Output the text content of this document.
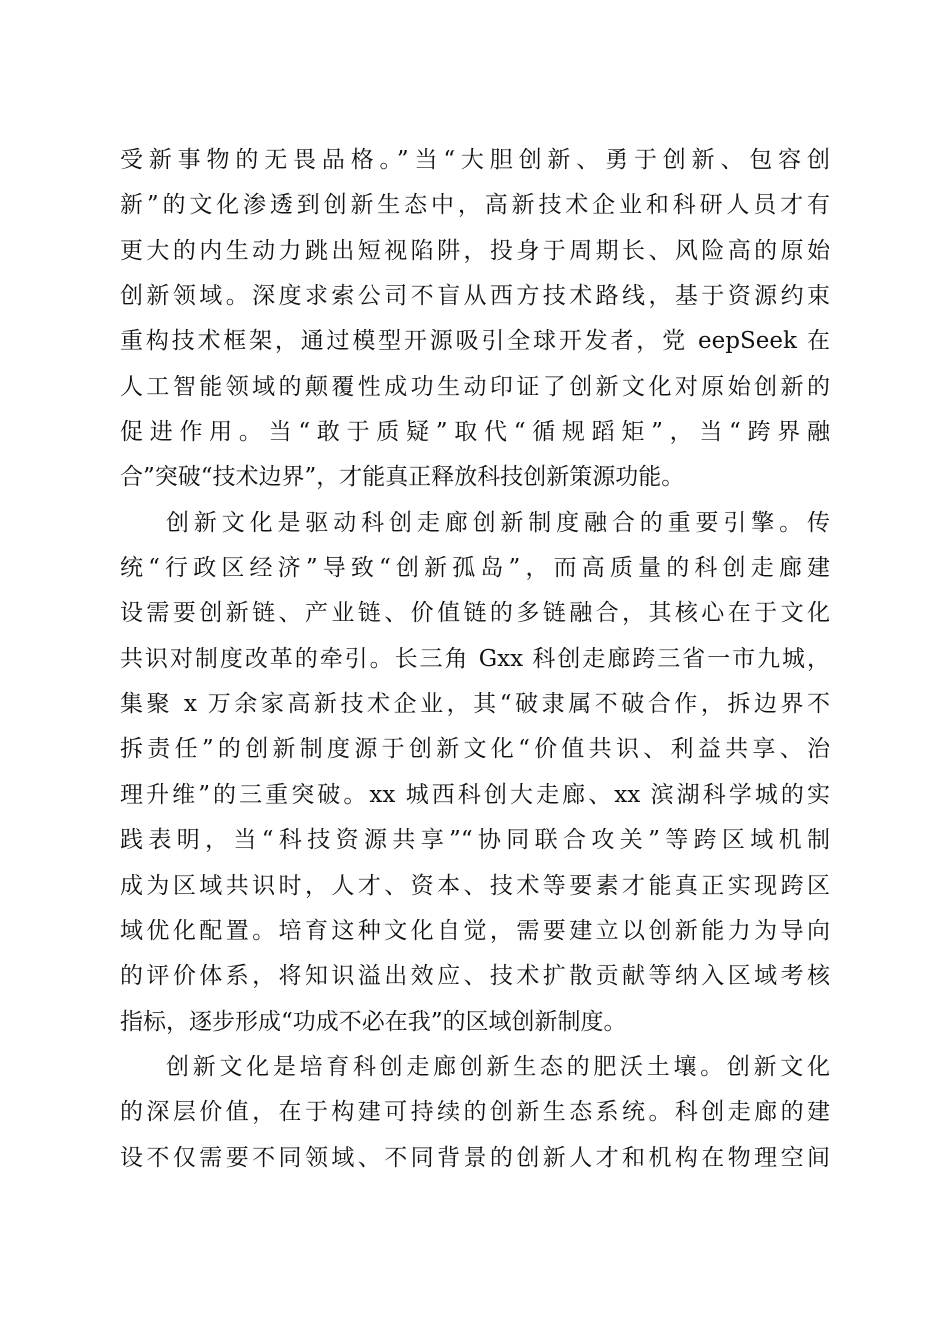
受新事物的无畏品格。”当“大胆创新、勇于创新、包容创
新”的文化渗透到创新生态中，高新技术企业和科研人员才有
更大的内生动力跳出短视陷阱，投身于周期长、风险高的原始
创新领域。深度求索公司不盲从西方技术路线，基于资源约束
重构技术框架，通过模型开源吸引全球开发者，党 eepSeek 在
人工智能领域的颠覆性成功生动印证了创新文化对原始创新的
促进作用。当“敢于质疑”取代“循规蹈矩”，当“跨界融
合”突破“技术边界”，才能真正释放科技创新策源功能。
创新文化是驱动科创走廊创新制度融合的重要引擎。传
统“行政区经济”导致“创新孤岛”，而高质量的科创走廊建
设需要创新链、产业链、价值链的多链融合，其核心在于文化
共识对制度改革的牵引。长三角 Gxx 科创走廊跨三省一市九城，
集聚 x 万余家高新技术企业，其“破隶属不破合作，拆边界不
拆责任”的创新制度源于创新文化“价值共识、利益共享、治
理升维”的三重突破。xx 城西科创大走廊、xx 滨湖科学城的实
践表明，当“科技资源共享”“协同联合攻关”等跨区域机制
成为区域共识时，人才、资本、技术等要素才能真正实现跨区
域优化配置。培育这种文化自觉，需要建立以创新能力为导向
的评价体系，将知识溢出效应、技术扩散贡献等纳入区域考核
指标，逐步形成“功成不必在我”的区域创新制度。
创新文化是培育科创走廊创新生态的肥沃土壤。创新文化
的深层价值，在于构建可持续的创新生态系统。科创走廊的建
设不仅需要不同领域、不同背景的创新人才和机构在物理空间
